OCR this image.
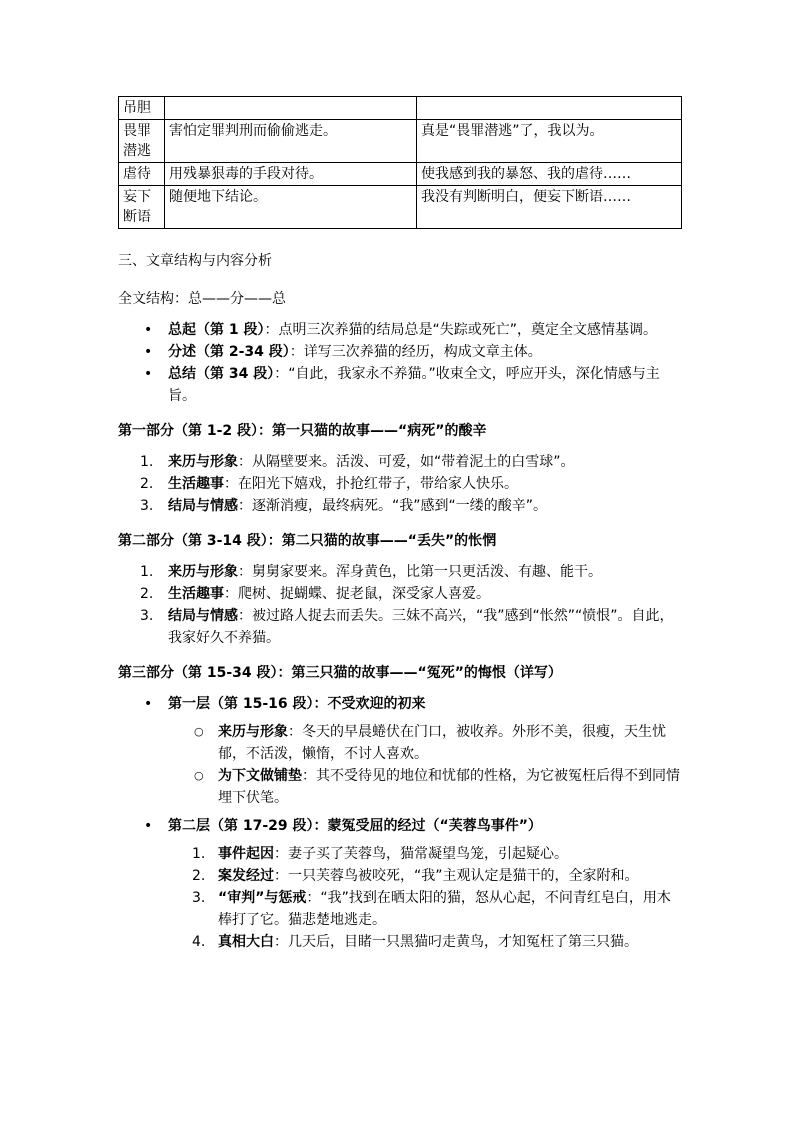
吊胆		
畏罪潜逃	害怕定罪判刑而偷偷逃走。	真是“畏罪潜逃”了，我以为。
虐待	用残暴狠毒的手段对待。	使我感到我的暴怒、我的虐待……
妄下断语	随便地下结论。	我没有判断明白，便妄下断语……
三、文章结构与内容分析
全文结构：总——分——总
• 总起（第 1 段）：点明三次养猫的结局总是“失踪或死亡”，奠定全文感情基调。
• 分述（第 2-34 段）：详写三次养猫的经历，构成文章主体。
• 总结（第 34 段）：“自此，我家永不养猫。”收束全文，呼应开头，深化情感与主旨。
第一部分（第 1-2 段）：第一只猫的故事——“病死”的酸辛
1. 来历与形象：从隔壁要来。活泼、可爱，如“带着泥土的白雪球”。
2. 生活趣事：在阳光下嬉戏，扑抢红带子，带给家人快乐。
3. 结局与情感：逐渐消瘦，最终病死。“我”感到“一缕的酸辛”。
第二部分（第 3-14 段）：第二只猫的故事——“丢失”的怅惘
1. 来历与形象：舅舅家要来。浑身黄色，比第一只更活泼、有趣、能干。
2. 生活趣事：爬树、捉蝴蝶、捉老鼠，深受家人喜爱。
3. 结局与情感：被过路人捉去而丢失。三妹不高兴，“我”感到“怅然”“愤恨”。自此，我家好久不养猫。
第三部分（第 15-34 段）：第三只猫的故事——“冤死”的悔恨（详写）
• 第一层（第 15-16 段）：不受欢迎的初来
○ 来历与形象：冬天的早晨蜷伏在门口，被收养。外形不美，很瘦，天生忧郁，不活泼，懒惰，不讨人喜欢。
○ 为下文做铺垫：其不受待见的地位和忧郁的性格，为它被冤枉后得不到同情埋下伏笔。
• 第二层（第 17-29 段）：蒙冤受屈的经过（“芙蓉鸟事件”）
1. 事件起因：妻子买了芙蓉鸟，猫常凝望鸟笼，引起疑心。
2. 案发经过：一只芙蓉鸟被咬死，“我”主观认定是猫干的，全家附和。
3. “审判”与惩戒：“我”找到在晒太阳的猫，怒从心起，不问青红皂白，用木棒打了它。猫悲楚地逃走。
4. 真相大白：几天后，目睹一只黑猫叼走黄鸟，才知冤枉了第三只猫。
